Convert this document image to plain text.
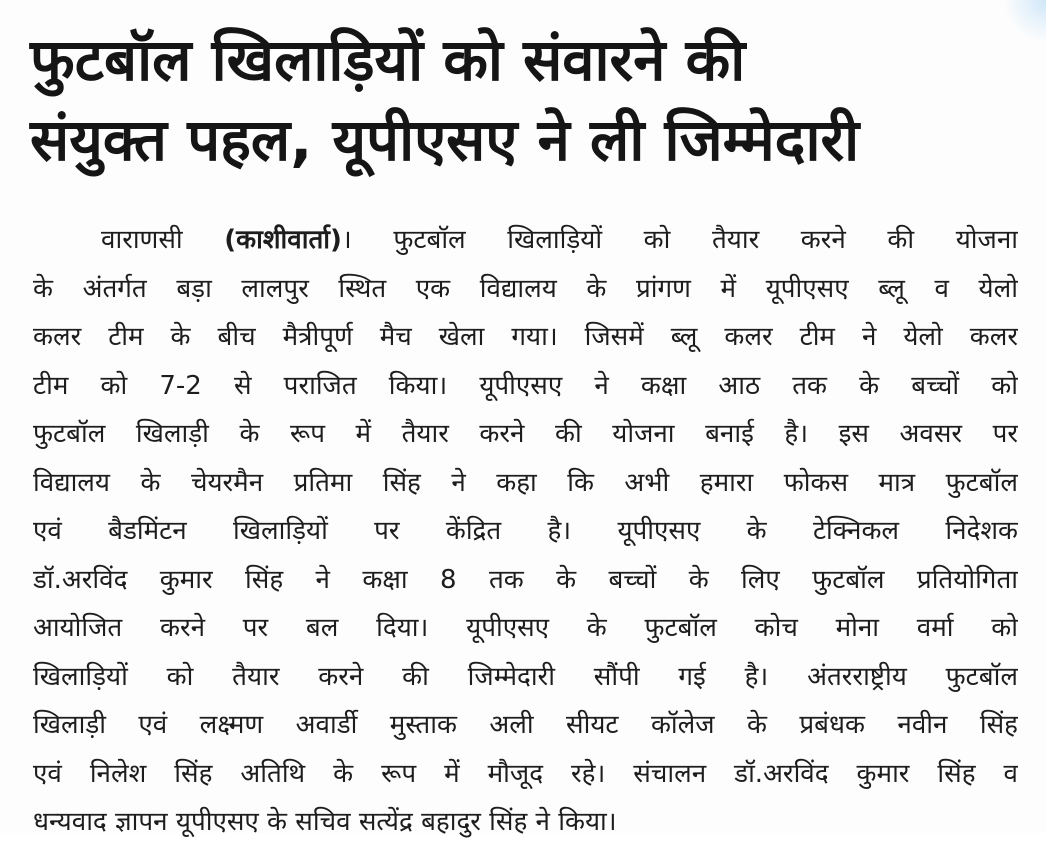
फुटबॉल खिलाड़ियों को संवारने की
संयुक्त पहल, यूपीएसए ने ली जिम्मेदारी
वाराणसी (काशीवार्ता)। फुटबॉल खिलाड़ियों को तैयार करने की योजना
के अंतर्गत बड़ा लालपुर स्थित एक विद्यालय के प्रांगण में यूपीएसए ब्लू व येलो
कलर टीम के बीच मैत्रीपूर्ण मैच खेला गया। जिसमें ब्लू कलर टीम ने येलो कलर
टीम को 7-2 से पराजित किया। यूपीएसए ने कक्षा आठ तक के बच्चों को
फुटबॉल खिलाड़ी के रूप में तैयार करने की योजना बनाई है। इस अवसर पर
विद्यालय के चेयरमैन प्रतिमा सिंह ने कहा कि अभी हमारा फोकस मात्र फुटबॉल
एवं बैडमिंटन खिलाड़ियों पर केंद्रित है। यूपीएसए के टेक्निकल निदेशक
डॉ.अरविंद कुमार सिंह ने कक्षा 8 तक के बच्चों के लिए फुटबॉल प्रतियोगिता
आयोजित करने पर बल दिया। यूपीएसए के फुटबॉल कोच मोना वर्मा को
खिलाड़ियों को तैयार करने की जिम्मेदारी सौंपी गई है। अंतरराष्ट्रीय फुटबॉल
खिलाड़ी एवं लक्ष्मण अवार्डी मुस्ताक अली सीयट कॉलेज के प्रबंधक नवीन सिंह
एवं निलेश सिंह अतिथि के रूप में मौजूद रहे। संचालन डॉ.अरविंद कुमार सिंह व
धन्यवाद ज्ञापन यूपीएसए के सचिव सत्येंद्र बहादुर सिंह ने किया।
